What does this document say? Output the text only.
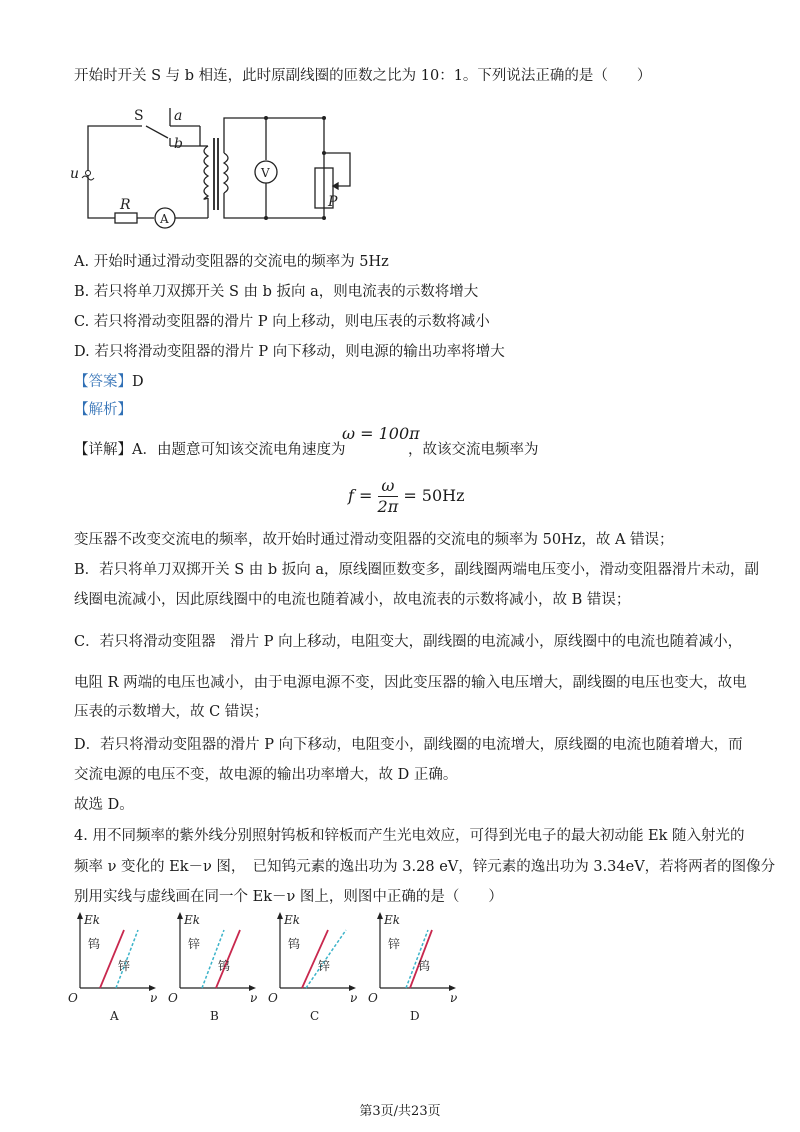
开始时开关 S 与 b 相连，此时原副线圈的匝数之比为 10：1。下列说法正确的是（　　）
S a
b
u
R
A
V
P
A. 开始时通过滑动变阻器的交流电的频率为 5Hz
B. 若只将单刀双掷开关 S 由 b 扳向 a，则电流表的示数将增大
C. 若只将滑动变阻器的滑片 P 向上移动，则电压表的示数将减小
D. 若只将滑动变阻器的滑片 P 向下移动，则电源的输出功率将增大
【答案】D
【解析】
【详解】A．由题意可知该交流电角速度为
ω = 100π
，故该交流电频率为
$f = \frac{\omega}{2\pi} = 50Hz$
变压器不改变交流电的频率，故开始时通过滑动变阻器的交流电的频率为 50Hz，故 A 错误；
B．若只将单刀双掷开关 S 由 b 扳向 a，原线圈匝数变多，副线圈两端电压变小，滑动变阻器滑片未动，副
线圈电流减小，因此原线圈中的电流也随着减小，故电流表的示数将减小，故 B 错误；
C．若只将滑动变阻器　滑片 P 向上移动，电阻变大，副线圈的电流减小，原线圈中的电流也随着减小，
电阻 R 两端的电压也减小，由于电源电源不变，因此变压器的输入电压增大，副线圈的电压也变大，故电
压表的示数增大，故 C 错误；
D．若只将滑动变阻器的滑片 P 向下移动，电阻变小，副线圈的电流增大，原线圈的电流也随着增大，而
交流电源的电压不变，故电源的输出功率增大，故 D 正确。
故选 D。
4. 用不同频率的紫外线分别照射钨板和锌板而产生光电效应，可得到光电子的最大初动能 Ek 随入射光的
频率 ν 变化的 Ek－ν 图，　已知钨元素的逸出功为 3.28 eV，锌元素的逸出功为 3.34eV，若将两者的图像分
别用实线与虚线画在同一个 Ek－ν 图上，则图中正确的是（　　）
Ek
ν
O
钨
锌
A
Ek
ν
O
锌
钨
B
Ek
ν
O
钨
锌
C
Ek
ν
O
锌
钨
D
第3页/共23页
